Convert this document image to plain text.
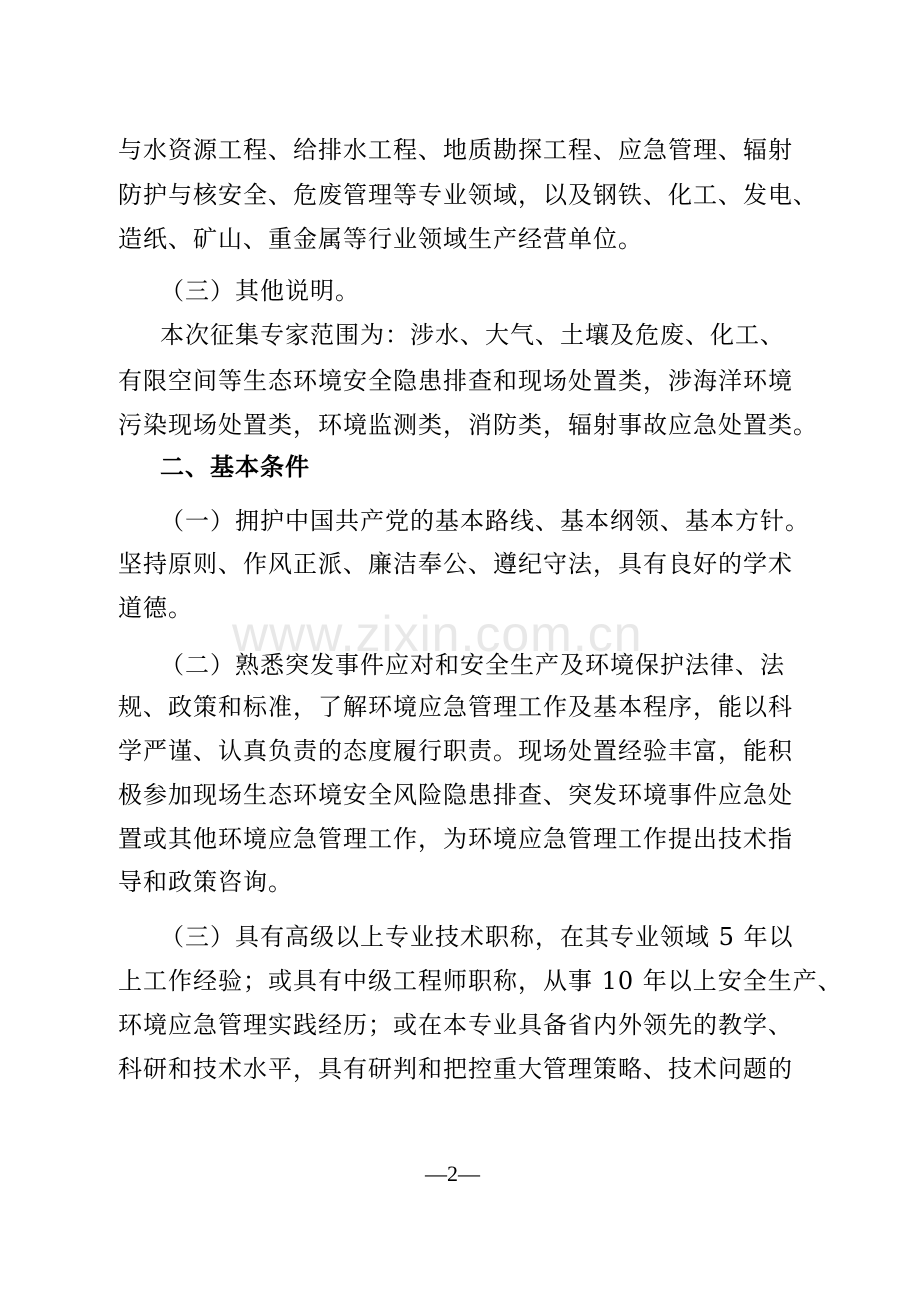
与水资源工程、给排水工程、地质勘探工程、应急管理、辐射
防护与核安全、危废管理等专业领域，以及钢铁、化工、发电、
造纸、矿山、重金属等行业领域生产经营单位。
（三）其他说明。
本次征集专家范围为：涉水、大气、土壤及危废、化工、
有限空间等生态环境安全隐患排查和现场处置类，涉海洋环境
污染现场处置类，环境监测类，消防类，辐射事故应急处置类。
二、基本条件
（一）拥护中国共产党的基本路线、基本纲领、基本方针。
坚持原则、作风正派、廉洁奉公、遵纪守法，具有良好的学术
道德。 www.zixin.com.cn
（二）熟悉突发事件应对和安全生产及环境保护法律、法
规、政策和标准，了解环境应急管理工作及基本程序，能以科
学严谨、认真负责的态度履行职责。现场处置经验丰富，能积
极参加现场生态环境安全风险隐患排查、突发环境事件应急处
置或其他环境应急管理工作，为环境应急管理工作提出技术指
导和政策咨询。
（三）具有高级以上专业技术职称，在其专业领域 5 年以
上工作经验；或具有中级工程师职称，从事 10 年以上安全生产、
环境应急管理实践经历；或在本专业具备省内外领先的教学、
科研和技术水平，具有研判和把控重大管理策略、技术问题的
—2—
